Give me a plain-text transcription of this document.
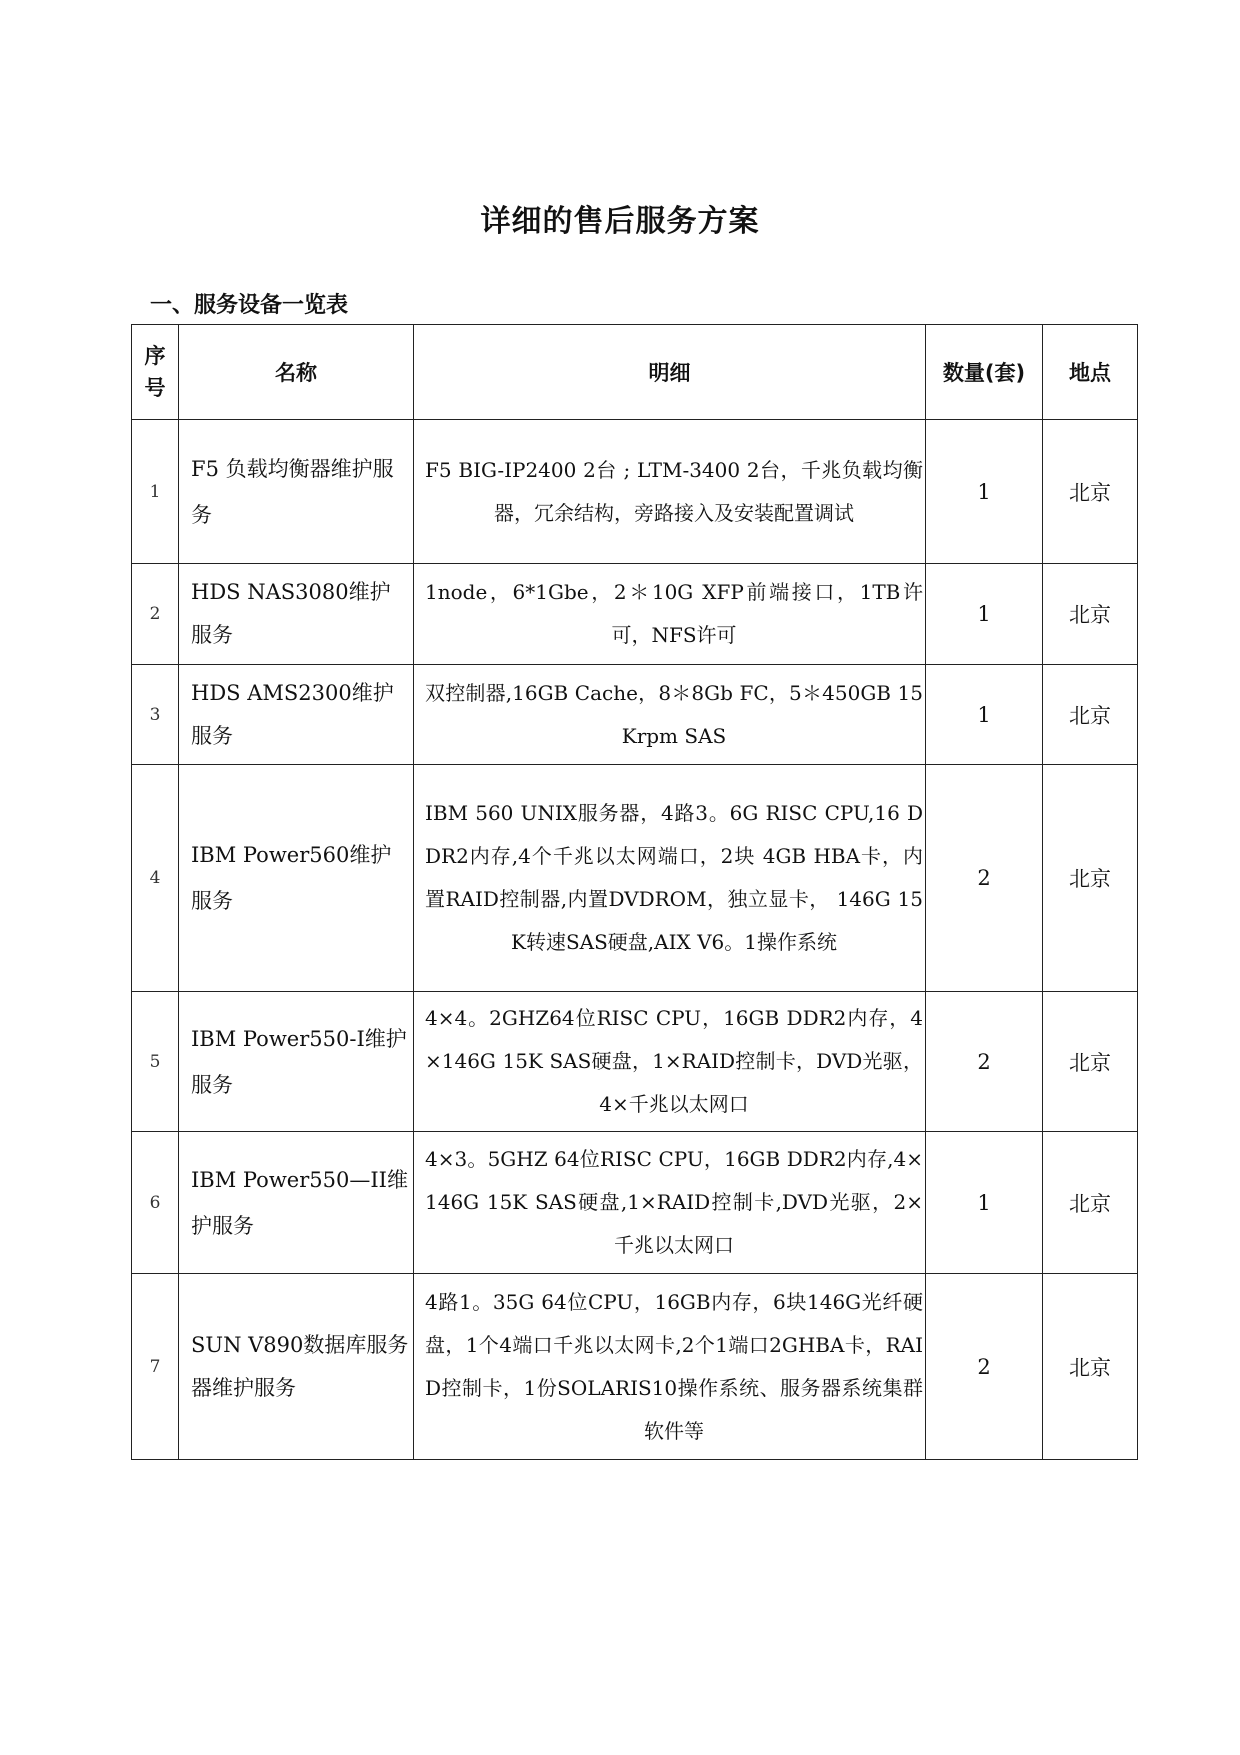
详细的售后服务方案
一、服务设备一览表
序号	名称	明细	数量(套)	地点
1	F5 负载均衡器维护服务	F5 BIG-IP2400 2台 ; LTM-3400 2台，千兆负载均衡器，冗余结构，旁路接入及安装配置调试	1	北京
2	HDS NAS3080维护服务	1node，6*1Gbe，2＊10G XFP前端接口，1TB许可，NFS许可	1	北京
3	HDS AMS2300维护服务	双控制器,16GB Cache，8＊8Gb FC，5＊450GB 15Krpm SAS	1	北京
4	IBM Power560维护服务	IBM 560 UNIX服务器，4路3。6G RISC CPU,16 DDR2内存,4个千兆以太网端口，2块 4GB HBA卡，内置RAID控制器,内置DVDROM，独立显卡， 146G 15K转速SAS硬盘,AIX V6。1操作系统	2	北京
5	IBM Power550-I维护服务	4×4。2GHZ64位RISC CPU，16GB DDR2内存，4×146G 15K SAS硬盘，1×RAID控制卡，DVD光驱，4×千兆以太网口	2	北京
6	IBM Power550—II维护服务	4×3。5GHZ 64位RISC CPU，16GB DDR2内存,4×146G 15K SAS硬盘,1×RAID控制卡,DVD光驱，2×千兆以太网口	1	北京
7	SUN V890数据库服务器维护服务	4路1。35G 64位CPU，16GB内存，6块146G光纤硬盘，1个4端口千兆以太网卡,2个1端口2GHBA卡，RAID控制卡，1份SOLARIS10操作系统、服务器系统集群软件等	2	北京
